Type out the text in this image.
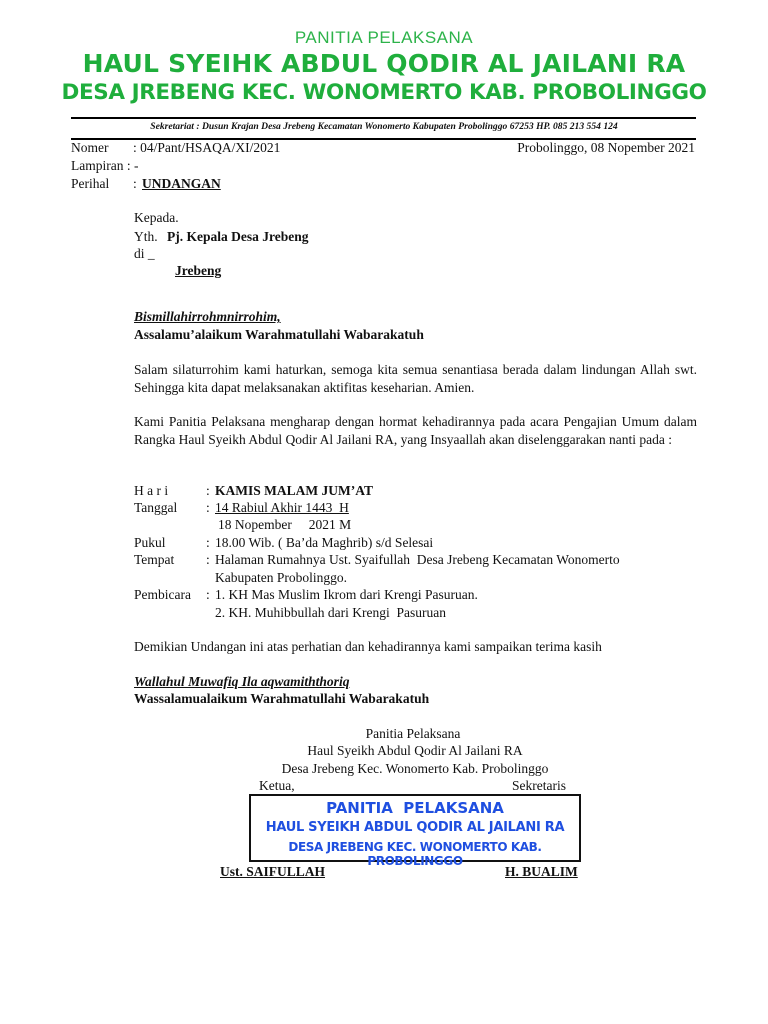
PANITIA PELAKSANA
HAUL SYEIHK ABDUL QODIR AL JAILANI RA
DESA JREBENG KEC. WONOMERTO KAB. PROBOLINGGO
Sekretariat : Dusun Krajan Desa Jrebeng Kecamatan Wonomerto Kabupaten Probolinggo 67253 HP. 085 213 554 124
Nomer : 04/Pant/HSAQA/XI/2021	Probolinggo, 08 Nopember 2021
Lampiran : -
Perihal : UNDANGAN
Kepada.
Yth. Pj. Kepala Desa Jrebeng
di _
Jrebeng
Bismillahirrohmnirrohim,
Assalamu’alaikum Warahmatullahi Wabarakatuh
Salam silaturrohim kami haturkan, semoga kita semua senantiasa berada dalam lindungan Allah swt. Sehingga kita dapat melaksanakan aktifitas keseharian. Amien.
Kami Panitia Pelaksana mengharap dengan hormat kehadirannya pada acara Pengajian Umum dalam Rangka Haul Syeikh Abdul Qodir Al Jailani RA, yang Insyaallah akan diselenggarakan nanti pada :
H a r i	: KAMIS MALAM JUM’AT
Tanggal : 14 Rabiul Akhir 1443  H
18 Nopember     2021 M
Pukul	: 18.00 Wib. ( Ba’da Maghrib) s/d Selesai
Tempat : Halaman Rumahnya Ust. Syaifullah  Desa Jrebeng Kecamatan Wonomerto
Kabupaten Probolinggo.
Pembicara : 1. KH Mas Muslim Ikrom dari Krengi Pasuruan.
2. KH. Muhibbullah dari Krengi  Pasuruan
Demikian Undangan ini atas perhatian dan kehadirannya kami sampaikan terima kasih
Wallahul Muwafiq Ila aqwamiththoriq
Wassalamualaikum Warahmatullahi Wabarakatuh
Panitia Pelaksana
Haul Syeikh Abdul Qodir Al Jailani RA
Desa Jrebeng Kec. Wonomerto Kab. Probolinggo
Ketua,	Sekretaris
PANITIA  PELAKSANA
HAUL SYEIKH ABDUL QODIR AL JAILANI RA
DESA JREBENG KEC. WONOMERTO KAB. PROBOLINGGO
Ust. SAIFULLAH	H. BUALIM
